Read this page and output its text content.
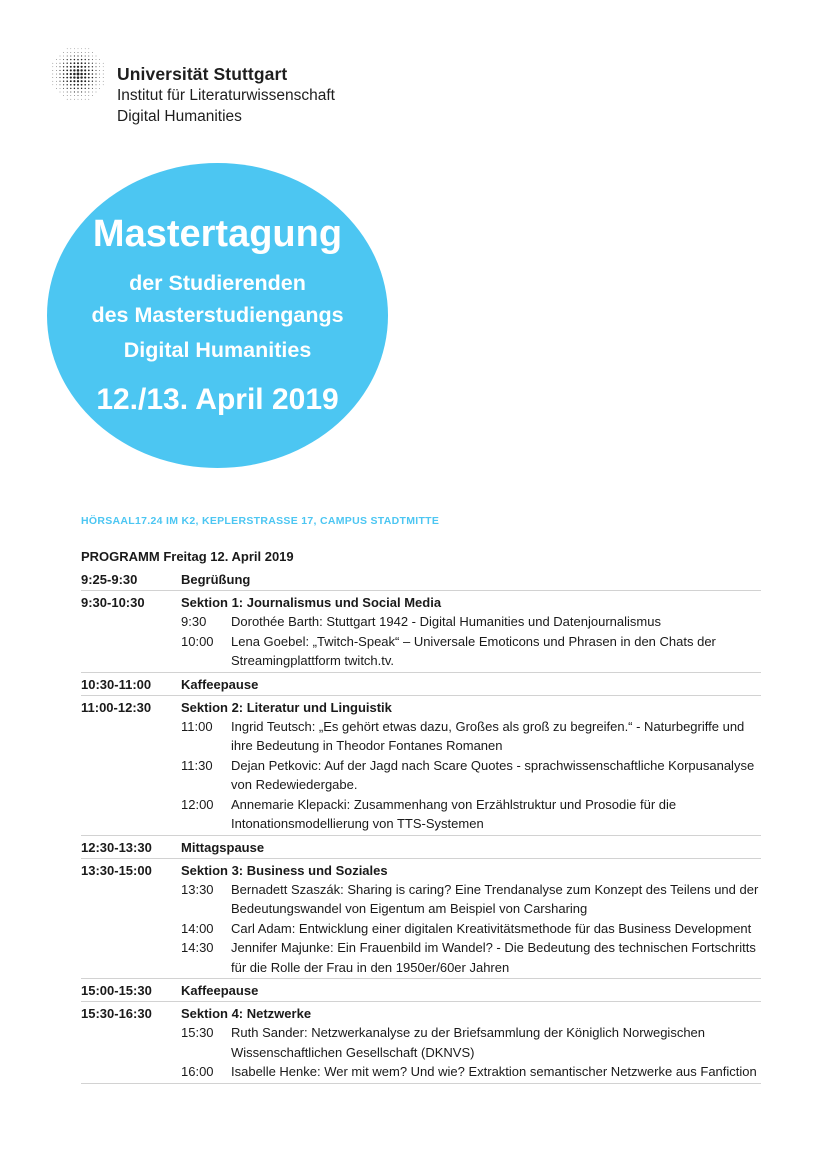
Universität Stuttgart
Institut für Literaturwissenschaft
Digital Humanities
Mastertagung
der Studierenden
des Masterstudiengangs
Digital Humanities
12./13. April 2019
HÖRSAAL17.24 IM K2, KEPLERSTRASSE 17, CAMPUS STADTMITTE
PROGRAMM Freitag 12. April 2019
9:25-9:30	Begrüßung
9:30-10:30	Sektion 1: Journalismus und Social Media
9:30	Dorothée Barth: Stuttgart 1942 - Digital Humanities und Datenjournalismus
10:00	Lena Goebel: „Twitch-Speak“ – Universale Emoticons und Phrasen in den Chats der Streamingplattform twitch.tv.
10:30-11:00	Kaffeepause
11:00-12:30	Sektion 2: Literatur und Linguistik
11:00	Ingrid Teutsch: „Es gehört etwas dazu, Großes als groß zu begreifen.“ - Naturbegriffe und ihre Bedeutung in Theodor Fontanes Romanen
11:30	Dejan Petkovic: Auf der Jagd nach Scare Quotes - sprachwissenschaftliche Korpusanalyse von Redewiedergabe.
12:00	Annemarie Klepacki: Zusammenhang von Erzählstruktur und Prosodie für die Intonationsmodellierung von TTS-Systemen
12:30-13:30	Mittagspause
13:30-15:00	Sektion 3: Business und Soziales
13:30	Bernadett Szaszák: Sharing is caring? Eine Trendanalyse zum Konzept des Teilens und der Bedeutungswandel von Eigentum am Beispiel von Carsharing
14:00	Carl Adam: Entwicklung einer digitalen Kreativitätsmethode für das Business Development
14:30	Jennifer Majunke: Ein Frauenbild im Wandel? - Die Bedeutung des technischen Fortschritts für die Rolle der Frau in den 1950er/60er Jahren
15:00-15:30	Kaffeepause
15:30-16:30	Sektion 4: Netzwerke
15:30	Ruth Sander: Netzwerkanalyse zu der Briefsammlung der Königlich Norwegischen Wissenschaftlichen Gesellschaft (DKNVS)
16:00	Isabelle Henke: Wer mit wem? Und wie? Extraktion semantischer Netzwerke aus Fanfiction
